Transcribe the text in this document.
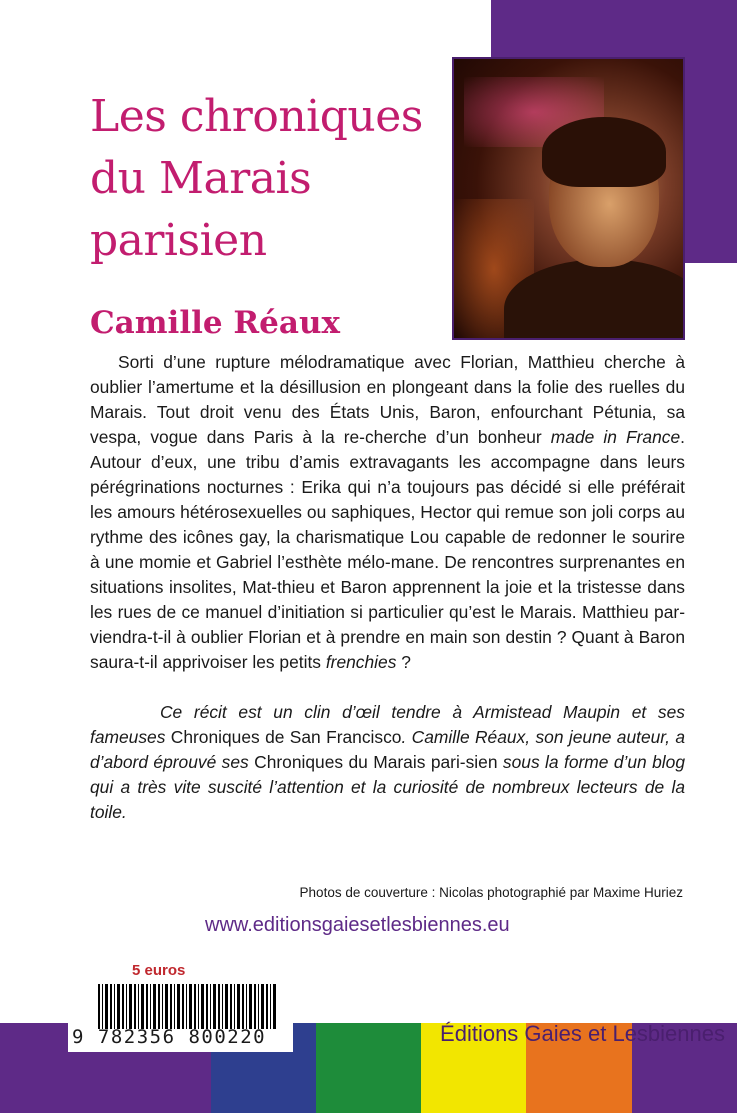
Les chroniques
du Marais
parisien
Camille Réaux

Sorti d’une rupture mélodramatique avec Florian, Matthieu cherche à oublier l’amertume et la désillusion en plongeant dans la folie des ruelles du Marais. Tout droit venu des États Unis, Baron, enfourchant Pétunia, sa vespa, vogue dans Paris à la re-cherche d’un bonheur made in France. Autour d’eux, une tribu d’amis extravagants les accompagne dans leurs pérégrinations nocturnes : Erika qui n’a toujours pas décidé si elle préférait les amours hétérosexuelles ou saphiques, Hector qui remue son joli corps au rythme des icônes gay, la charismatique Lou capable de redonner le sourire à une momie et Gabriel l’esthète mélo-mane. De rencontres surprenantes en situations insolites, Mat-thieu et Baron apprennent la joie et la tristesse dans les rues de ce manuel d’initiation si particulier qu’est le Marais. Matthieu par-viendra-t-il à oublier Florian et à prendre en main son destin ? Quant à Baron saura-t-il apprivoiser les petits frenchies ?

Ce récit est un clin d’œil tendre à Armistead Maupin et ses fameuses Chroniques de San Francisco. Camille Réaux, son jeune auteur, a d’abord éprouvé ses Chroniques du Marais pari-sien sous la forme d’un blog qui a très vite suscité l’attention et la curiosité de nombreux lecteurs de la toile.

Photos de couverture : Nicolas photographié par Maxime Huriez
www.editionsgaiesetlesbiennes.eu
5 euros
9 782356 800220	Éditions Gaies et Lesbiennes
